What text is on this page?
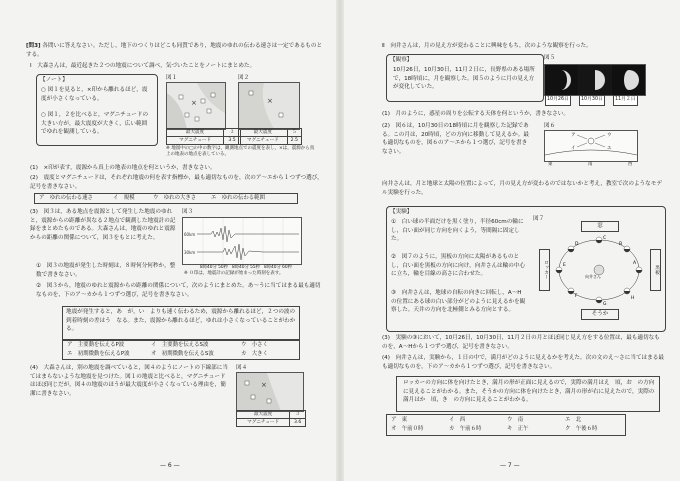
[問3] 各問いに答えなさい。ただし，地下のつくりはどこも同質であり，地震のゆれの伝わる速さは一定であるものとする。
Ⅰ　大森さんは，最近起きた２つの地震について調べ，気づいたことをノートにまとめた。
【ノート】
○ 図１を見ると，×印から離れるほど，震度が小さくなっている。
○ 図１，２を比べると，マグニチュードの大きい方が，最大震度が大きく，広い範囲でゆれを観測している。
図１
×
最大震度	３
マグニチュード	3.5
図２
×
最大震度	５
マグニチュード	2.5
※ 地図中の□の中の数字は，観測地点での震度を表し，×は，震源から真上の地表の地点を表している。
(1)　×印が表す，震源から真上の地表の地点を何というか，書きなさい。
(2)　震度とマグニチュードは，それぞれ地震の何を表す指標か，最も適切なものを，次のア〜エから１つずつ選び，記号を書きなさい。
ア　ゆれの伝わる速さ	イ　規模	ウ　ゆれの大きさ	エ　ゆれの伝わる範囲
(3)　図３は，ある地点を震源として発生した地震のゆれと，震源からの距離が異なる２地点で観測した地震計の記録をまとめたものである。大森さんは，地震のゆれと震源からの距離の関係について，図３をもとに考えた。
①　図３の地震が発生した時刻は，８時何分何秒か，整数で書きなさい。
②　図３から，地震のゆれと震源からの距離の関係について，次のようにまとめた。あ〜うに当てはまる最も適切なものを，下のア〜カから１つずつ選び，記号を書きなさい。
図３
60km
30km
8時40分 50秒 8時40分 55秒 8時40分 60秒
※ ０印は，地震計の記録が始まった時刻を表す。
地震が発生すると，あ　が，い　よりも速く伝わるため，震源から離れるほど，２つの波の到着時刻の差はう　なる。また，震源から離れるほど，ゆれは小さくなっていることがわかる。
ア　主要動を伝えるP波	イ　主要動を伝えるS波	ウ　小さく
エ　初期微動を伝えるP波	オ　初期微動を伝えるS波	カ　大きく
(4)　大森さんは，別の地震を調べていると，図４のようにノートの下線部に当てはまらないような地震を見つけた。図１の地震と比べると，マグニチュードはほぼ同じだが，図４の地震のほうが最大震度が小さくなっている理由を，簡潔に書きなさい。
図４
×
最大震度	３
マグニチュード	3.6
— 6 —
Ⅱ　向井さんは，月の見え方が変わることに興味をもち，次のような観察を行った。
【観察】
10月26日，10月30日，11月２日に，長野県のある場所で，18時頃に，月を観察した。図５のように月の見え方が変化していた。
図５
10月26日	10月30日	11月２日
(1)　月のように，惑星の周りを公転する天体を何というか，書きなさい。
(2)　図６は，10月30日の18時頃に月を観察した記録である。この月は，20時頃，どの方向に移動して見えるか。最も適切なものを，図６のア〜エから１つ選び，記号を書きなさい。
図６
ア
イ
ウ
エ
東	南	西
向井さんは，月と地球と太陽の位置によって，月の見え方が変わるのではないかと考え，教室で次のようなモデル実験を行った。
【実験】
①　白い球の半面だけを黒く塗り，半径60cmの輪にし，白い面が同じ方向を向くよう，等間隔に固定した。
②　図７のように，黒板の方向に太陽があるものとし，白い面を黒板の方向に向け，向井さんは輪の中心に立ち，輪を目線の高さに合わせた。
③　向井さんは，地球の自転の向きに回転し，A〜Hの位置にある球の白い部分がどのように見えるかを観察した。天井の方向を北極側とみる方向とする。
図７
窓
そうか
ロッカー	黒板
A
B
C
D
E
F
G
H
向井さん
(3)　実験の③において，10月26日，10月30日，11月２日の月とほぼ同じ見え方をする位置は，最も適切なものを，A〜Hから１つずつ選び，記号を書きなさい。
(4)　向井さんは，実験から，１日の中で，満月がどのように見えるかを考えた。次の文のえ〜さに当てはまる最も適切なものを，下のア〜カから１つずつ選び，記号を書きなさい。
ロッカーの方向に体を向けたとき，満月の形が正面に見えるので，実際の満月はえ　頃，お　の方向に見えることがわかる。また，そうかの方向に体を向けたとき，満月の形が右に見えたので，実際の満月はか　頃，き　の方向に見えることがわかる。
ア　東	イ　西	ウ　南	エ　北
オ　午前０時	カ　午前６時	キ　正午	ク　午後６時
— 7 —
